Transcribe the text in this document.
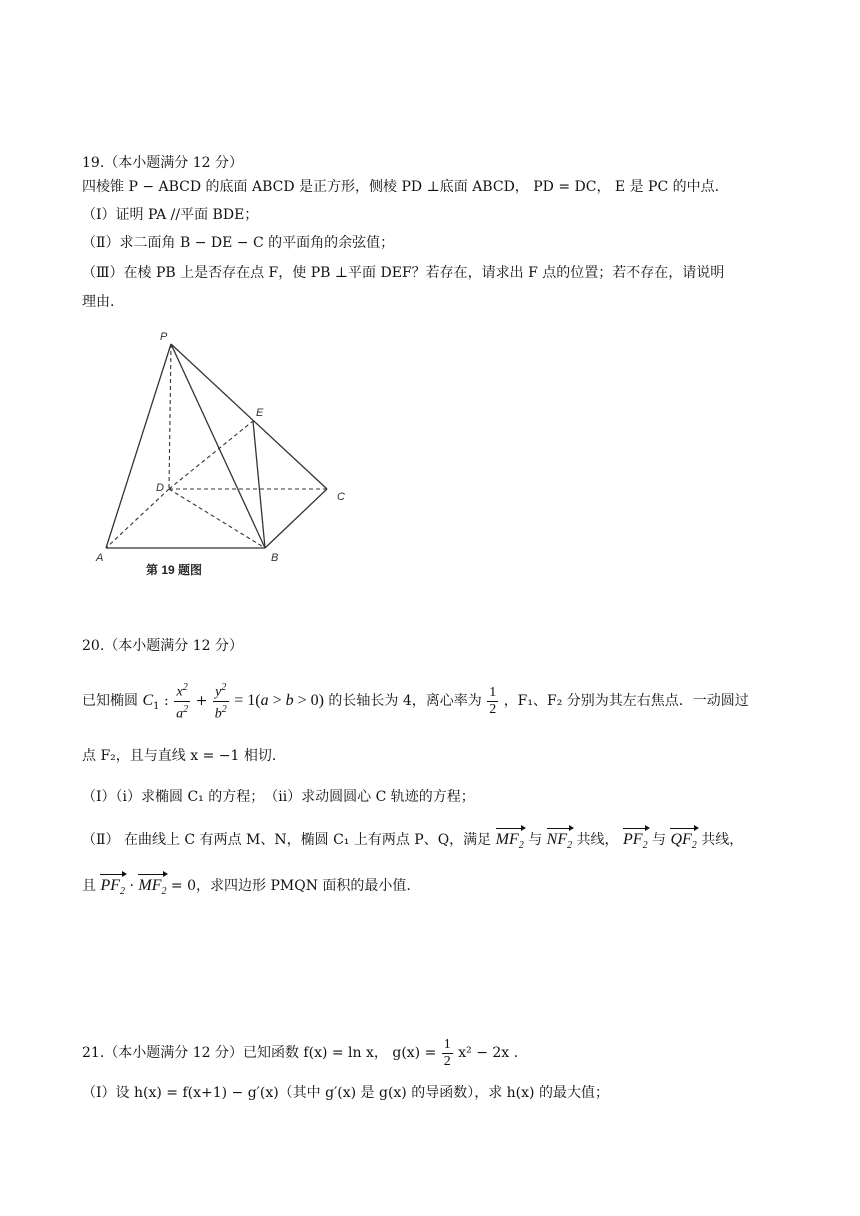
19.（本小题满分 12 分）
四棱锥 P − ABCD 的底面 ABCD 是正方形，侧棱 PD ⊥底面 ABCD， PD = DC， E 是 PC 的中点.
（Ⅰ）证明 PA //平面 BDE；
（Ⅱ）求二面角 B − DE − C 的平面角的余弦值；
（Ⅲ）在棱 PB 上是否存在点 F，使 PB ⊥平面 DEF？若存在，请求出 F 点的位置；若不存在，请说明
理由.
P
E
D
C
A	B
第 19 题图
20.（本小题满分 12 分）
已知椭圆 $C_1$ : $\frac{x^2}{a^2} + \frac{y^2}{b^2} = 1(a > b > 0)$ 的长轴长为 4，离心率为 $\frac{1}{2}$ ，F₁、F₂ 分别为其左右焦点．一动圆过
点 F₂，且与直线 x = −1 相切.
（Ⅰ）（ⅰ）求椭圆 C₁ 的方程；　（ⅱ）求动圆圆心 C 轨迹的方程；
（Ⅱ） 在曲线上 C 有两点 M、N，椭圆 C₁ 上有两点 P、Q，满足 $MF_2$ 与 $NF_2$ 共线， $PF_2$ 与 $QF_2$ 共线，
且 $PF_2 \cdot MF_2 = 0$，求四边形 PMQN 面积的最小值.
21.（本小题满分 12 分）已知函数 f(x) = ln x， $g(x) = \frac{1}{2} x^2 - 2x$ .
（Ⅰ）设 h(x) = f(x+1) − g′(x)（其中 g′(x) 是 g(x) 的导函数），求 h(x) 的最大值；
